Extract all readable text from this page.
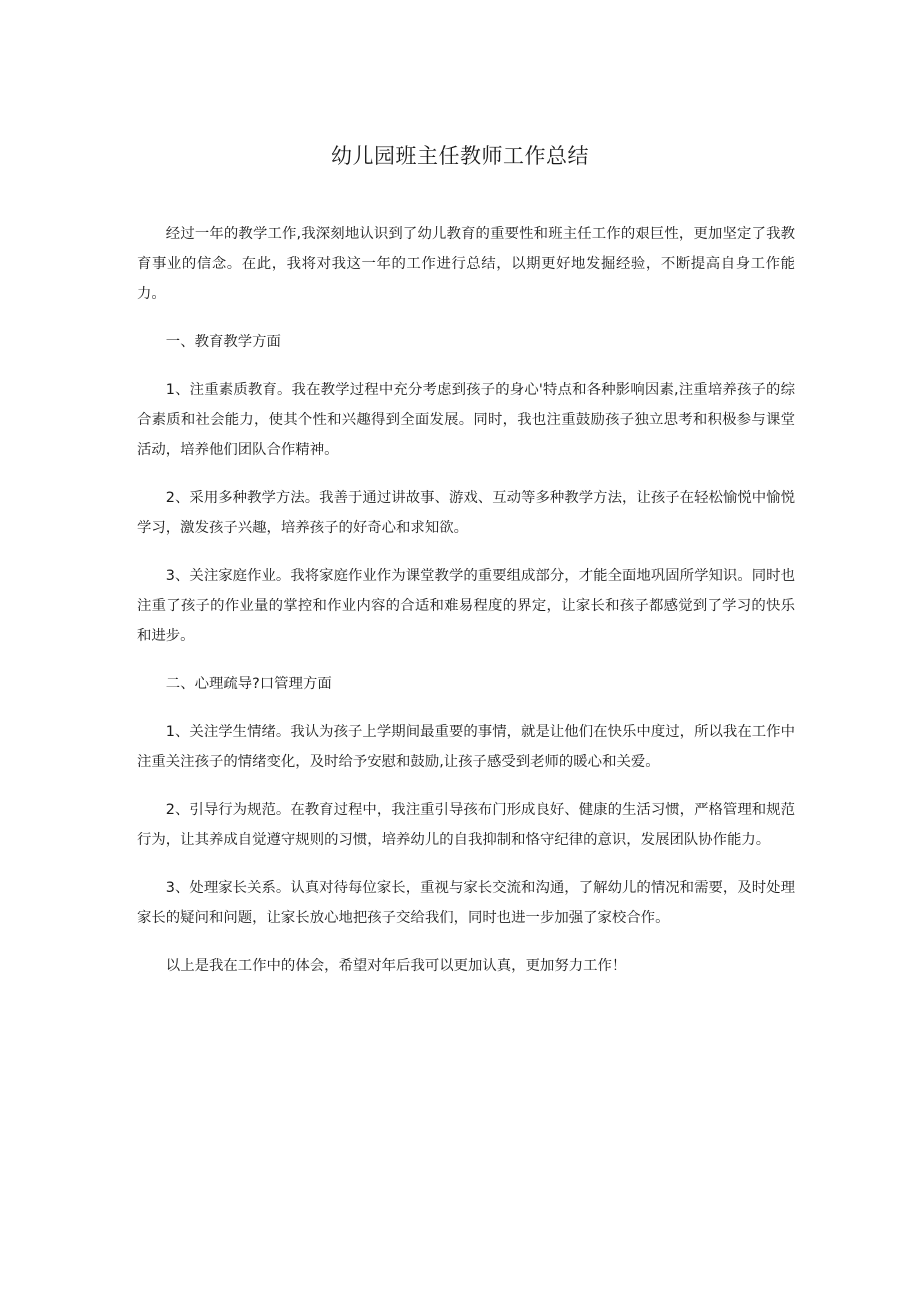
幼儿园班主任教师工作总结

经过一年的教学工作,我深刻地认识到了幼儿教育的重要性和班主任工作的艰巨性，更加坚定了我教育事业的信念。在此，我将对我这一年的工作进行总结，以期更好地发掘经验，不断提高自身工作能力。

一、教育教学方面

1、注重素质教育。我在教学过程中充分考虑到孩子的身心'特点和各种影响因素,注重培养孩子的综合素质和社会能力，使其个性和兴趣得到全面发展。同时，我也注重鼓励孩子独立思考和积极参与课堂活动，培养他们团队合作精神。

2、采用多种教学方法。我善于通过讲故事、游戏、互动等多种教学方法，让孩子在轻松愉悦中愉悦学习，激发孩子兴趣，培养孩子的好奇心和求知欲。

3、关注家庭作业。我将家庭作业作为课堂教学的重要组成部分，才能全面地巩固所学知识。同时也注重了孩子的作业量的掌控和作业内容的合适和难易程度的界定，让家长和孩子都感觉到了学习的快乐和进步。

二、心理疏导?口管理方面

1、关注学生情绪。我认为孩子上学期间最重要的事情，就是让他们在快乐中度过，所以我在工作中注重关注孩子的情绪变化，及时给予安慰和鼓励,让孩子感受到老师的暖心和关爱。

2、引导行为规范。在教育过程中，我注重引导孩布门形成良好、健康的生活习惯，严格管理和规范行为，让其养成自觉遵守规则的习惯，培养幼儿的自我抑制和恪守纪律的意识，发展团队协作能力。

3、处理家长关系。认真对待每位家长，重视与家长交流和沟通，了解幼儿的情况和需要，及时处理家长的疑问和问题，让家长放心地把孩子交给我们，同时也进一步加强了家校合作。

以上是我在工作中的体会，希望对年后我可以更加认真，更加努力工作！
